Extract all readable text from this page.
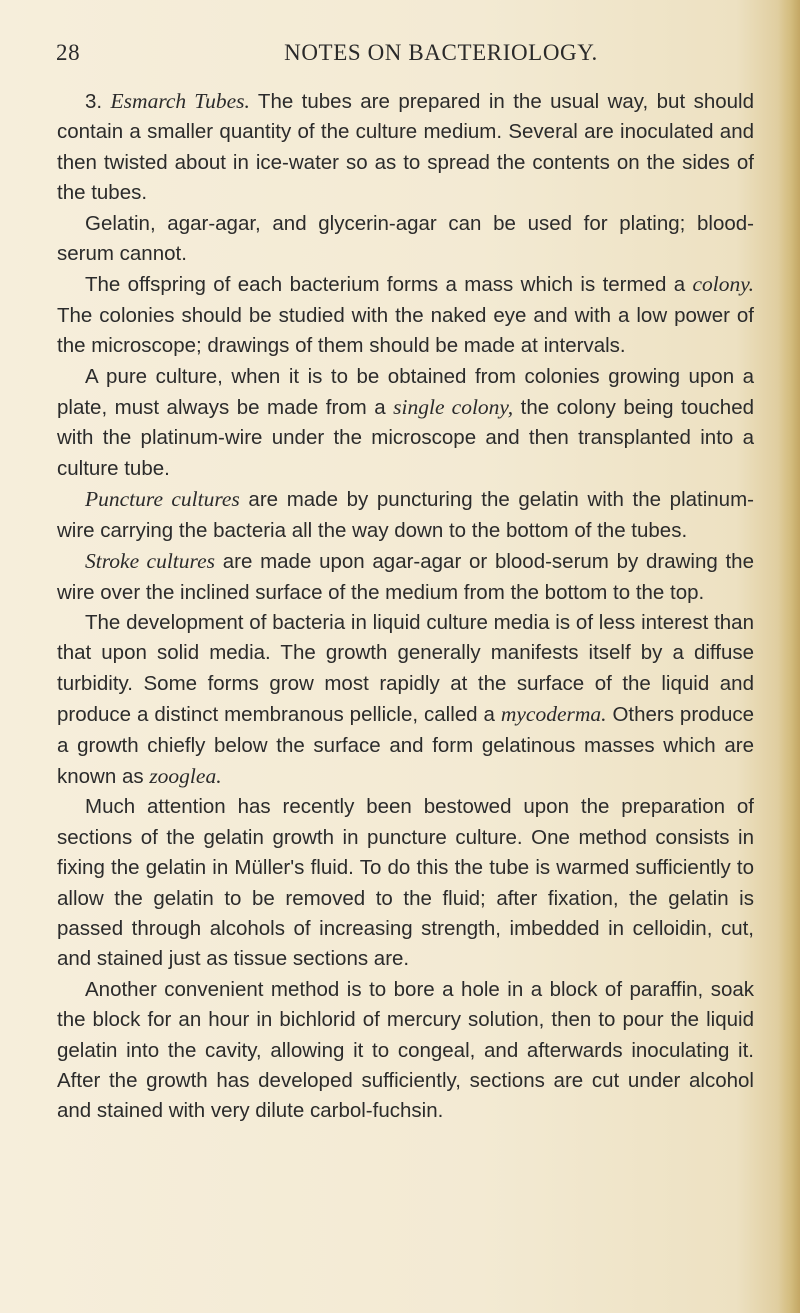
28	NOTES ON BACTERIOLOGY.

3. Esmarch Tubes. The tubes are prepared in the usual way, but should contain a smaller quantity of the culture medium. Several are inoculated and then twisted about in ice-water so as to spread the contents on the sides of the tubes.

Gelatin, agar-agar, and glycerin-agar can be used for plating; blood-serum cannot.

The offspring of each bacterium forms a mass which is termed a colony. The colonies should be studied with the naked eye and with a low power of the microscope; drawings of them should be made at intervals.

A pure culture, when it is to be obtained from colonies growing upon a plate, must always be made from a single colony, the colony being touched with the platinum-wire under the microscope and then transplanted into a culture tube.

Puncture cultures are made by puncturing the gelatin with the platinum-wire carrying the bacteria all the way down to the bottom of the tubes.

Stroke cultures are made upon agar-agar or blood-serum by drawing the wire over the inclined surface of the medium from the bottom to the top.

The development of bacteria in liquid culture media is of less interest than that upon solid media. The growth generally manifests itself by a diffuse turbidity. Some forms grow most rapidly at the surface of the liquid and produce a distinct membranous pellicle, called a mycoderma. Others produce a growth chiefly below the surface and form gelatinous masses which are known as zooglea.

Much attention has recently been bestowed upon the preparation of sections of the gelatin growth in puncture culture. One method consists in fixing the gelatin in Müller's fluid. To do this the tube is warmed sufficiently to allow the gelatin to be removed to the fluid; after fixation, the gelatin is passed through alcohols of increasing strength, imbedded in celloidin, cut, and stained just as tissue sections are.

Another convenient method is to bore a hole in a block of paraffin, soak the block for an hour in bichlorid of mercury solution, then to pour the liquid gelatin into the cavity, allowing it to congeal, and afterwards inoculating it. After the growth has developed sufficiently, sections are cut under alcohol and stained with very dilute carbol-fuchsin.
